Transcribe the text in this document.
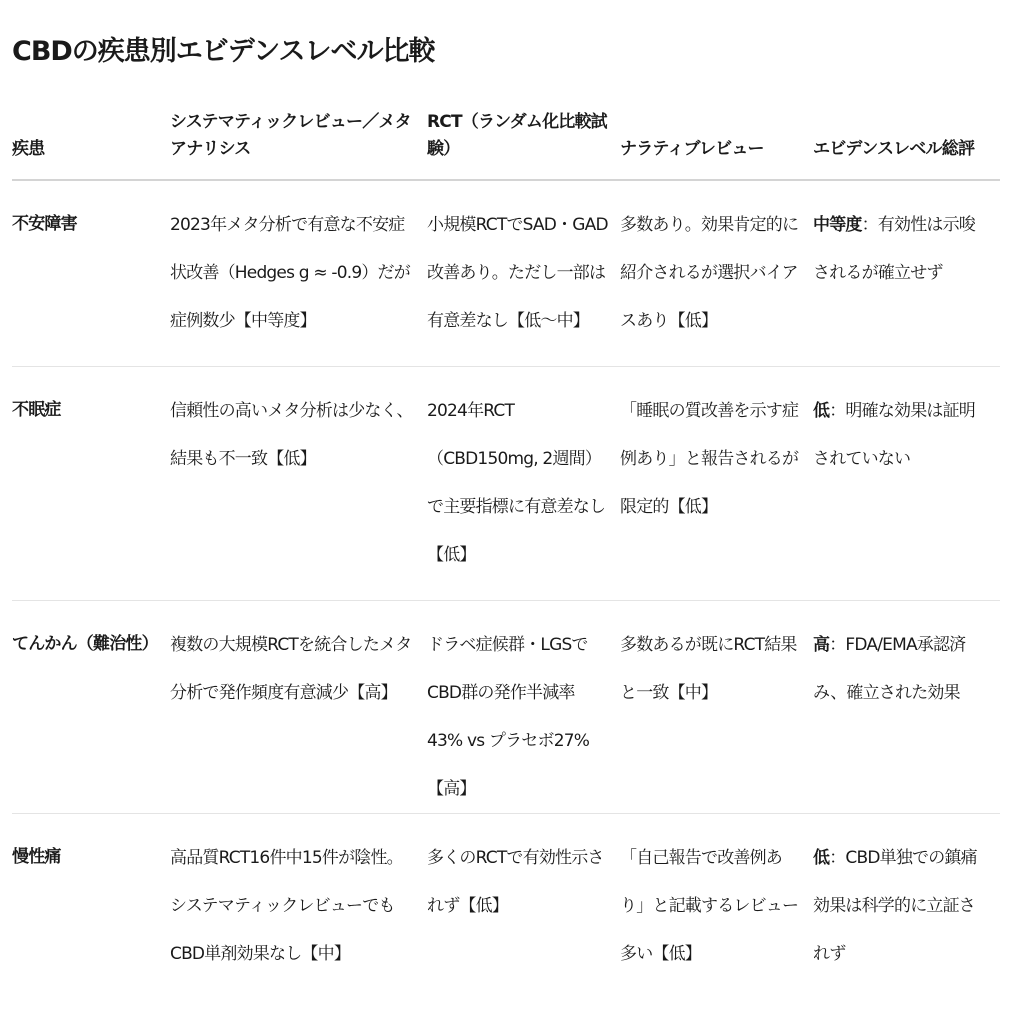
CBDの疾患別エビデンスレベル比較
疾患	システマティックレビュー／メタアナリシス	RCT（ランダム化比較試験）	ナラティブレビュー	エビデンスレベル総評
不安障害	2023年メタ分析で有意な不安症状改善（Hedges g ≈ -0.9）だが症例数少【中等度】	小規模RCTでSAD・GAD改善あり。ただし一部は有意差なし【低〜中】	多数あり。効果肯定的に紹介されるが選択バイアスあり【低】	中等度：有効性は示唆されるが確立せず
不眠症	信頼性の高いメタ分析は少なく、結果も不一致【低】	2024年RCT（CBD150mg, 2週間）で主要指標に有意差なし【低】	「睡眠の質改善を示す症例あり」と報告されるが限定的【低】	低：明確な効果は証明されていない
てんかん（難治性）	複数の大規模RCTを統合したメタ分析で発作頻度有意減少【高】	ドラベ症候群・LGSでCBD群の発作半減率43% vs プラセボ27%【高】	多数あるが既にRCT結果と一致【中】	高：FDA/EMA承認済み、確立された効果
慢性痛	高品質RCT16件中15件が陰性。システマティックレビューでもCBD単剤効果なし【中】	多くのRCTで有効性示されず【低】	「自己報告で改善例あり」と記載するレビュー多い【低】	低：CBD単独での鎮痛効果は科学的に立証されず
